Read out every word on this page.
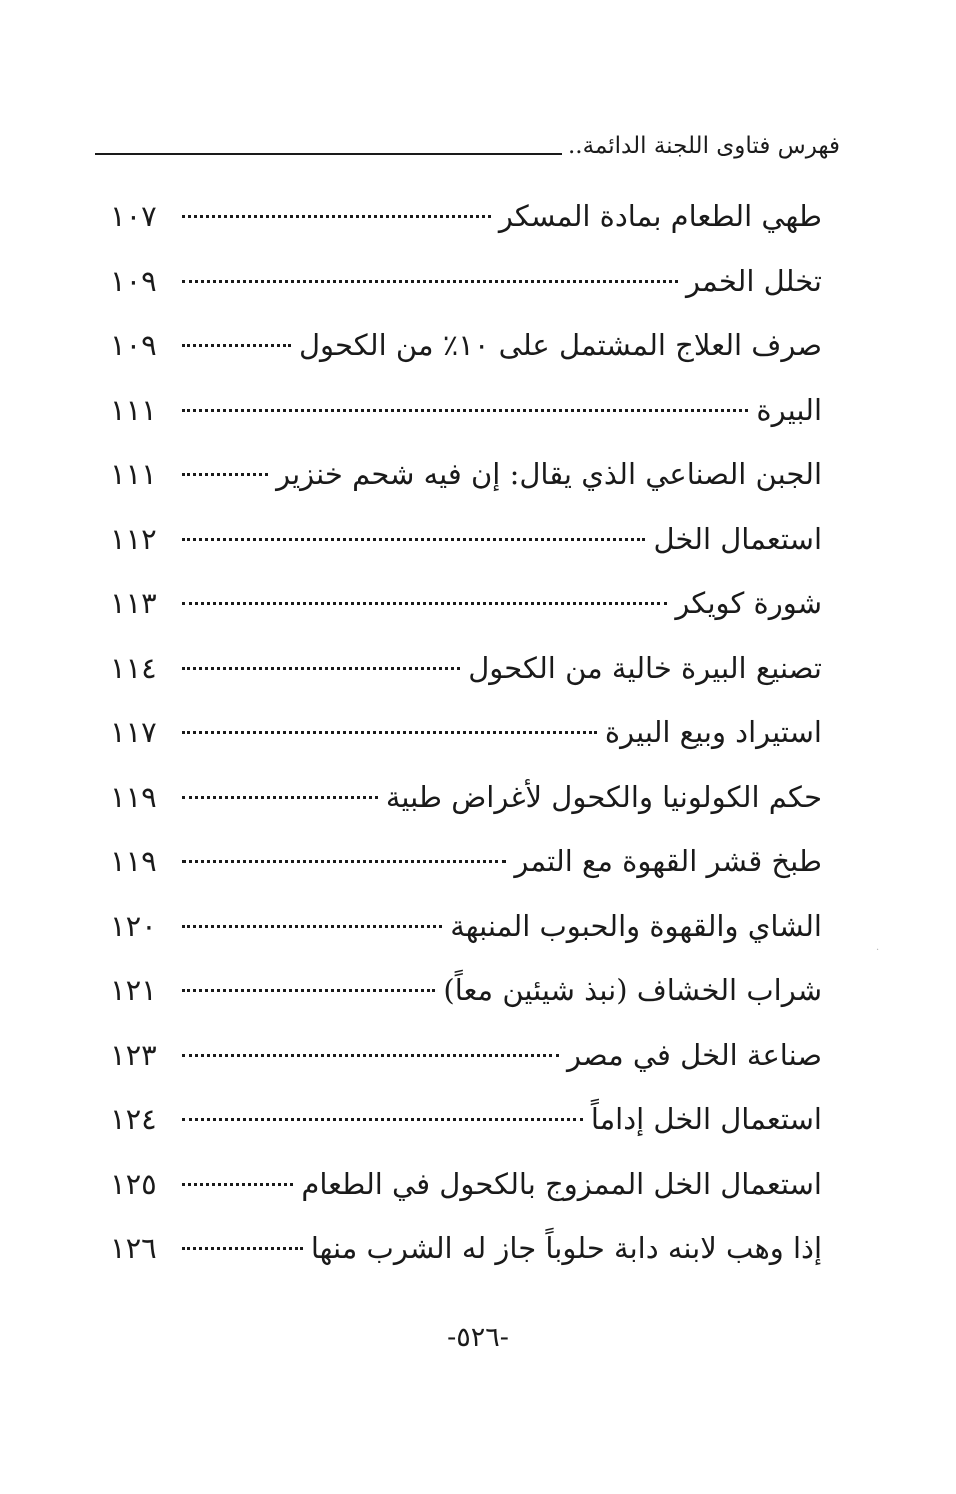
فهرس فتاوى اللجنة الدائمة..
طهي الطعام بمادة المسكر
١٠٧
تخلل الخمر
١٠٩
صرف العلاج المشتمل على ١٠٪ من الكحول
١٠٩
البيرة
١١١
الجبن الصناعي الذي يقال: إن فيه شحم خنزير
١١١
استعمال الخل
١١٢
شورة كويكر
١١٣
تصنيع البيرة خالية من الكحول
١١٤
استيراد وبيع البيرة
١١٧
حكم الكولونيا والكحول لأغراض طبية
١١٩
طبخ قشر القهوة مع التمر
١١٩
الشاي والقهوة والحبوب المنبهة
١٢٠
شراب الخشاف (نبذ شيئين معاً)
١٢١
صناعة الخل في مصر
١٢٣
استعمال الخل إداماً
١٢٤
استعمال الخل الممزوج بالكحول في الطعام
١٢٥
إذا وهب لابنه دابة حلوباً جاز له الشرب منها
١٢٦
-٥٢٦-
·
